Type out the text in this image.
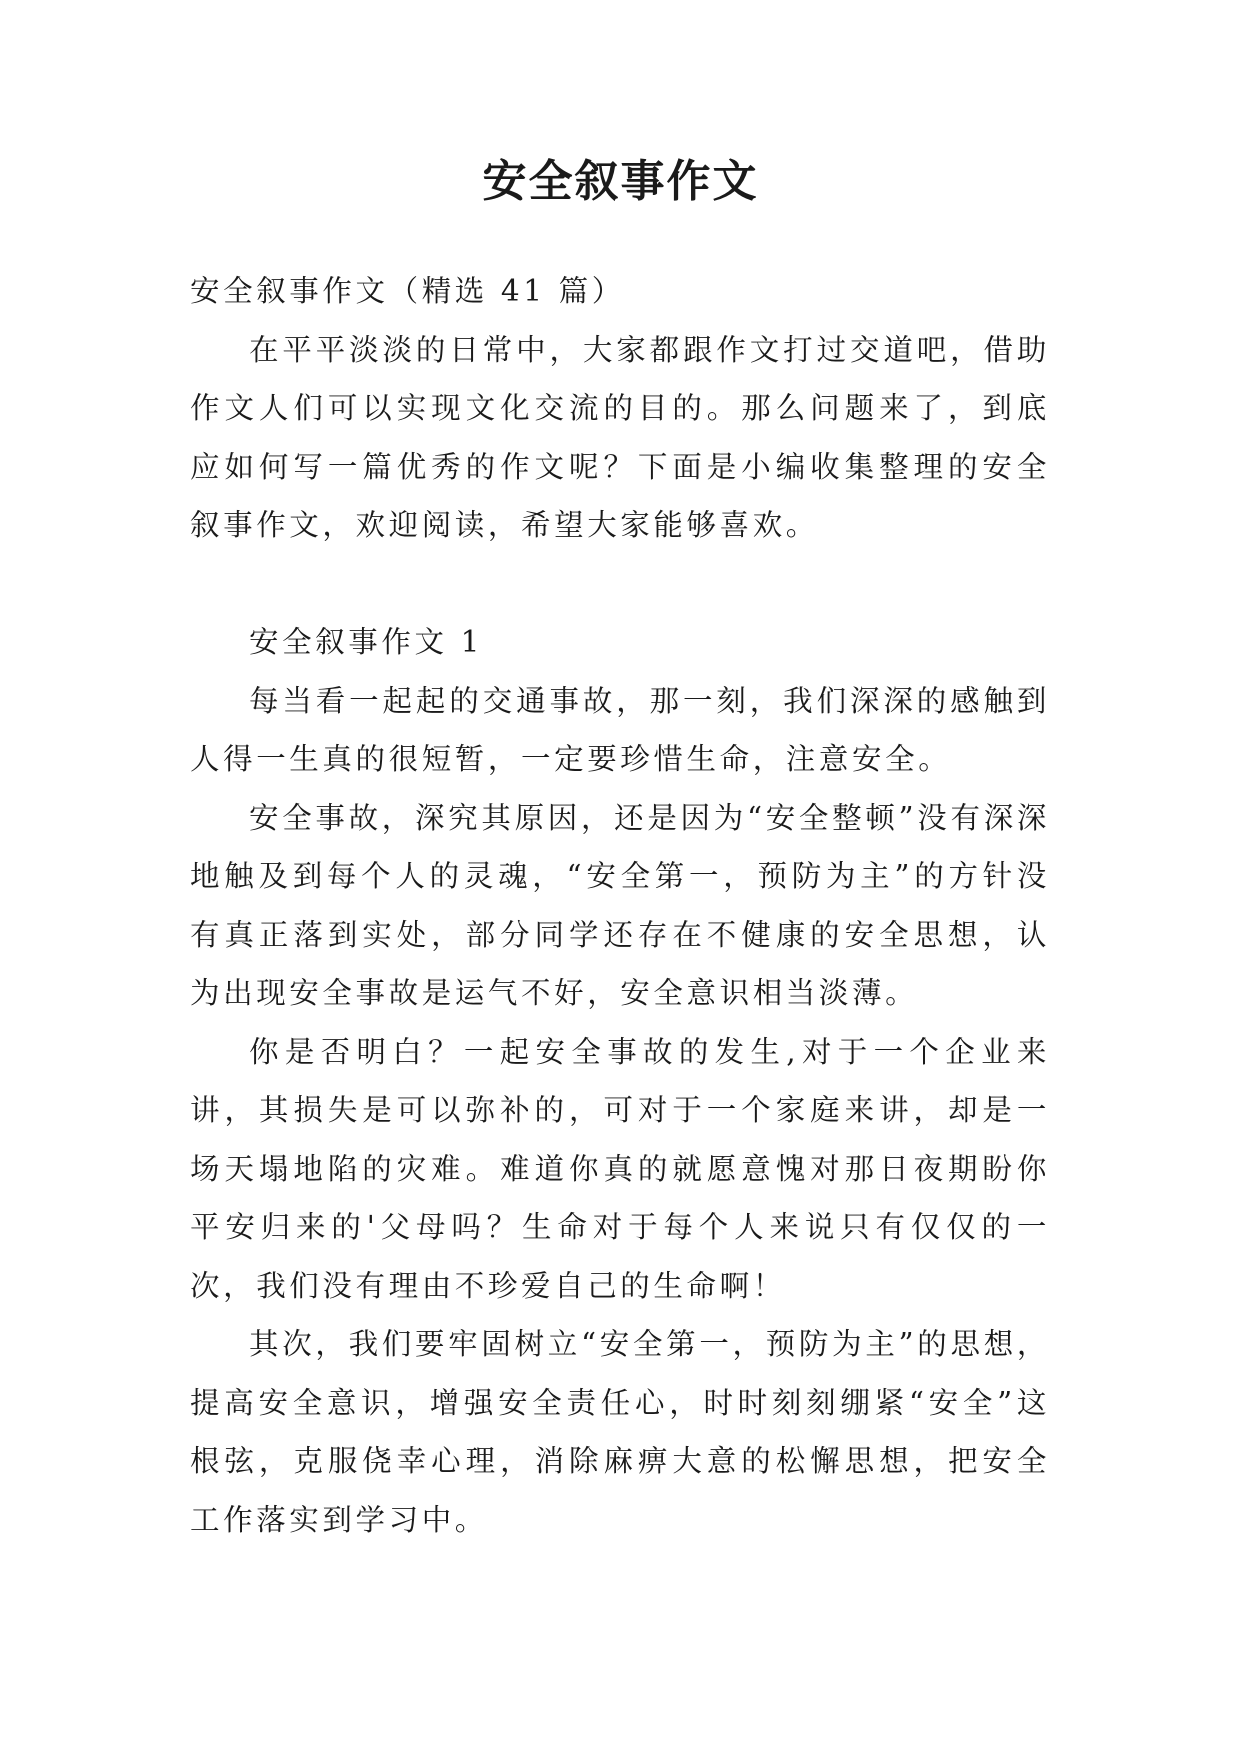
安全叙事作文

安全叙事作文（精选 41 篇）

在平平淡淡的日常中，大家都跟作文打过交道吧，借助作文人们可以实现文化交流的目的。那么问题来了，到底应如何写一篇优秀的作文呢？下面是小编收集整理的安全叙事作文，欢迎阅读，希望大家能够喜欢。

安全叙事作文 1

每当看一起起的交通事故，那一刻，我们深深的感触到人得一生真的很短暂，一定要珍惜生命，注意安全。

安全事故，深究其原因，还是因为“安全整顿”没有深深地触及到每个人的灵魂，“安全第一，预防为主”的方针没有真正落到实处，部分同学还存在不健康的安全思想，认为出现安全事故是运气不好，安全意识相当淡薄。

你是否明白？一起安全事故的发生,对于一个企业来讲，其损失是可以弥补的，可对于一个家庭来讲，却是一场天塌地陷的灾难。难道你真的就愿意愧对那日夜期盼你平安归来的'父母吗？生命对于每个人来说只有仅仅的一次，我们没有理由不珍爱自己的生命啊！

其次，我们要牢固树立“安全第一，预防为主”的思想，提高安全意识，增强安全责任心，时时刻刻绷紧“安全”这根弦，克服侥幸心理，消除麻痹大意的松懈思想，把安全工作落实到学习中。
